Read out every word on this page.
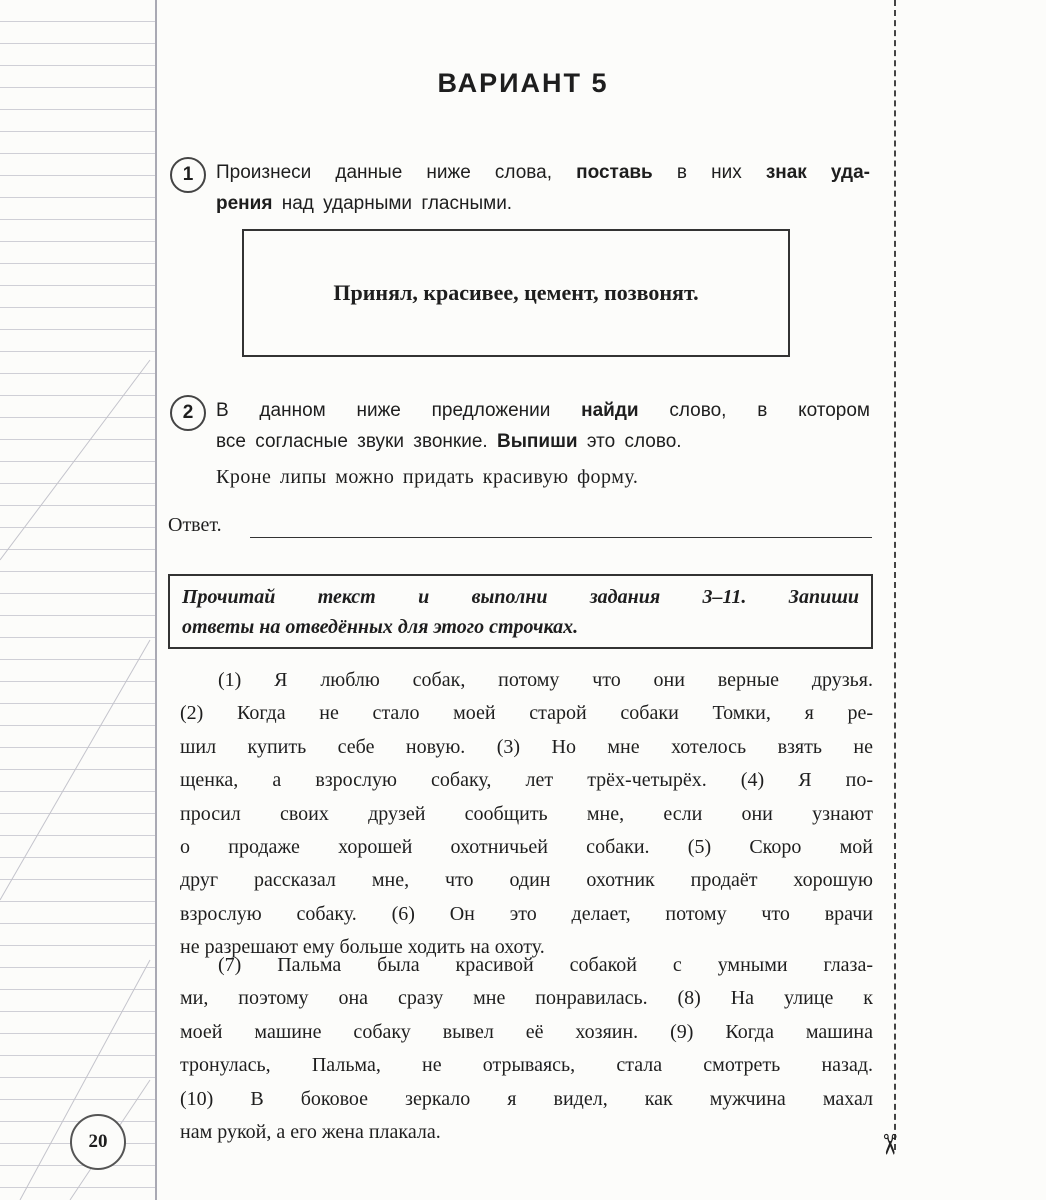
✂
ВАРИАНТ 5
1	Произнеси данные ниже слова, поставь в них знак уда-
рения над ударными гласными.
Принял, красивее, цемент, позвонят.
2	В данном ниже предложении найди слово, в котором
все согласные звуки звонкие. Выпиши это слово.
Кроне липы можно придать красивую форму.
Ответ.
Прочитай текст и выполни задания 3–11. Запиши
ответы на отведённых для этого строчках.
(1) Я люблю собак, потому что они верные друзья.
(2) Когда не стало моей старой собаки Томки, я ре-
шил купить себе новую. (3) Но мне хотелось взять не
щенка, а взрослую собаку, лет трёх-четырёх. (4) Я по-
просил своих друзей сообщить мне, если они узнают
о продаже хорошей охотничьей собаки. (5) Скоро мой
друг рассказал мне, что один охотник продаёт хорошую
взрослую собаку. (6) Он это делает, потому что врачи
не разрешают ему больше ходить на охоту.
(7) Пальма была красивой собакой с умными глаза-
ми, поэтому она сразу мне понравилась. (8) На улице к
моей машине собаку вывел её хозяин. (9) Когда машина
тронулась, Пальма, не отрываясь, стала смотреть назад.
(10) В боковое зеркало я видел, как мужчина махал
нам рукой, а его жена плакала.
20
